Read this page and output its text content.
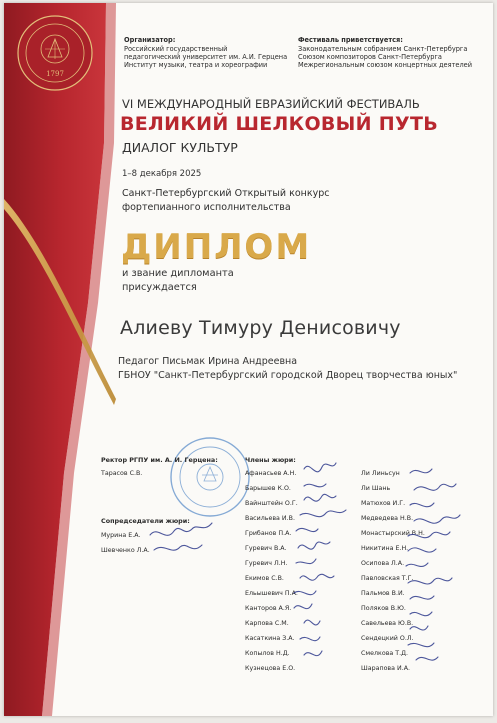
1797
Организатор:
Российский государственный
педагогический университет им. А.И. Герцена
Институт музыки, театра и хореографии
Фестиваль приветствуется:
Законодательным собранием Санкт-Петербурга
Союзом композиторов Санкт-Петербурга
Межрегиональным союзом концертных деятелей
VI МЕЖДУНАРОДНЫЙ ЕВРАЗИЙСКИЙ ФЕСТИВАЛЬ
ВЕЛИКИЙ ШЕЛКОВЫЙ ПУТЬ
ДИАЛОГ КУЛЬТУР
1–8 декабря 2025
Санкт-Петербургский Открытый конкурс
фортепианного исполнительства
ДИПЛОМ
и звание дипломанта
присуждается
Алиеву Тимуру Денисовичу
Педагог Письмак Ирина Андреевна
ГБНОУ "Санкт-Петербургский городской Дворец творчества юных"
Ректор РГПУ им. А. И. Герцена:
Тарасов С.В.
Сопредседатели жюри:
Мурина Е.А.
Шевченко Л.А.
Члены жюри:
Афанасьев А.Н.
Барышев К.О.
Вайнштейн О.Г.
Васильева И.В.
Грибанов П.А.
Гуревич В.А.
Гуревич Л.Н.
Екимов С.В.
Ельышевич П.А.
Канторов А.Я.
Карпова С.М.
Касаткина З.А.
Копылов Н.Д.
Кузнецова Е.О.
Ли Линьсун
Ли Шань
Матюхов И.Г.
Медведева Н.В.
Монастырский В.Н.
Никитина Е.Н.
Осипова Л.А.
Павловская Т.Г.
Пальмов В.И.
Поляков В.Ю.
Савельева Ю.В.
Сендецкий О.Л.
Смелкова Т.Д.
Шарапова И.А.
